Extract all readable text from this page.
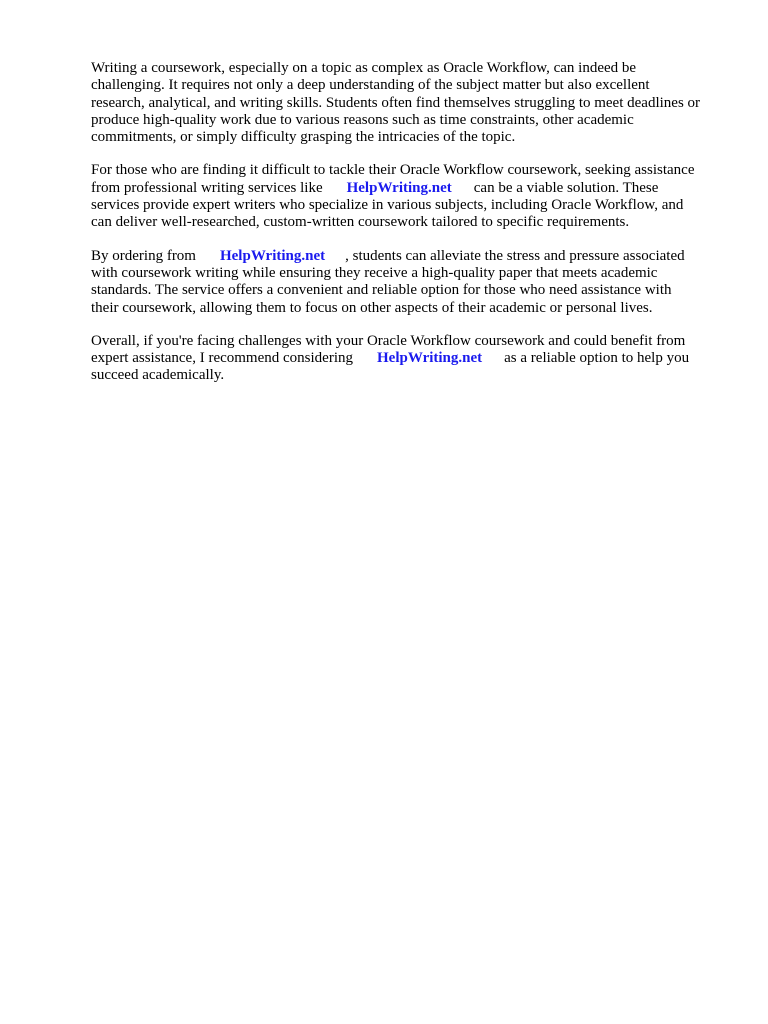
Writing a coursework, especially on a topic as complex as Oracle Workflow, can indeed be
challenging. It requires not only a deep understanding of the subject matter but also excellent
research, analytical, and writing skills. Students often find themselves struggling to meet deadlines or
produce high-quality work due to various reasons such as time constraints, other academic
commitments, or simply difficulty grasping the intricacies of the topic.

For those who are finding it difficult to tackle their Oracle Workflow coursework, seeking assistance
from professional writing services like HelpWriting.net can be a viable solution. These
services provide expert writers who specialize in various subjects, including Oracle Workflow, and
can deliver well-researched, custom-written coursework tailored to specific requirements.

By ordering from HelpWriting.net , students can alleviate the stress and pressure associated
with coursework writing while ensuring they receive a high-quality paper that meets academic
standards. The service offers a convenient and reliable option for those who need assistance with
their coursework, allowing them to focus on other aspects of their academic or personal lives.

Overall, if you're facing challenges with your Oracle Workflow coursework and could benefit from
expert assistance, I recommend considering HelpWriting.net as a reliable option to help you
succeed academically.
